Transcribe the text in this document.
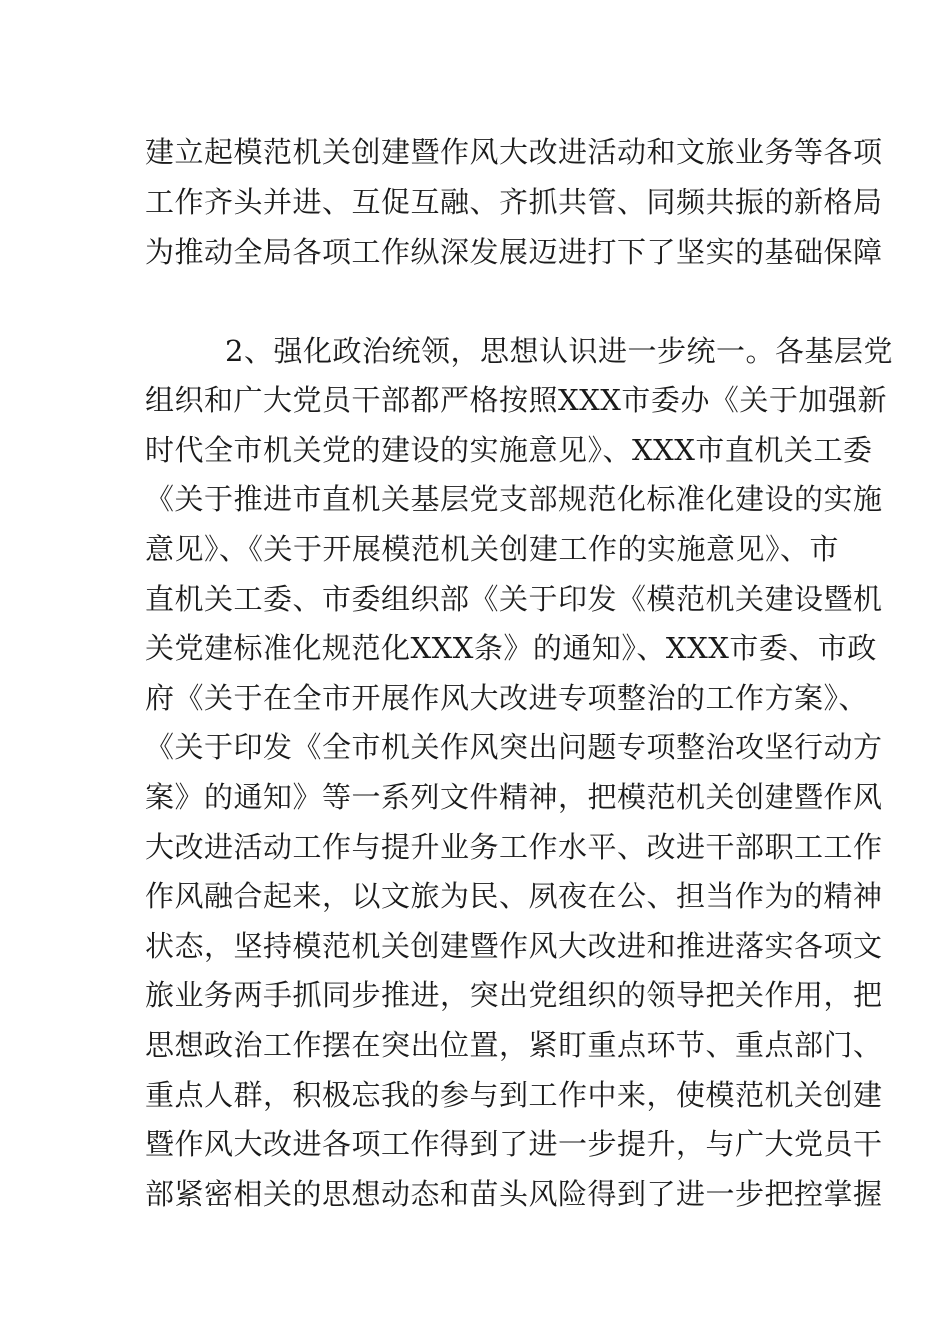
建立起模范机关创建暨作风大改进活动和文旅业务等各项
工作齐头并进、互促互融、齐抓共管、同频共振的新格局
为推动全局各项工作纵深发展迈进打下了坚实的基础保障
2、强化政治统领，思想认识进一步统一。各基层党
组织和广大党员干部都严格按照XXX市委办《关于加强新
时代全市机关党的建设的实施意见》、XXX市直机关工委
《关于推进市直机关基层党支部规范化标准化建设的实施
意见》、《关于开展模范机关创建工作的实施意见》、市
直机关工委、市委组织部《关于印发《模范机关建设暨机
关党建标准化规范化XXX条》的通知》、XXX市委、市政
府《关于在全市开展作风大改进专项整治的工作方案》、
《关于印发《全市机关作风突出问题专项整治攻坚行动方
案》的通知》等一系列文件精神，把模范机关创建暨作风
大改进活动工作与提升业务工作水平、改进干部职工工作
作风融合起来，以文旅为民、夙夜在公、担当作为的精神
状态，坚持模范机关创建暨作风大改进和推进落实各项文
旅业务两手抓同步推进，突出党组织的领导把关作用，把
思想政治工作摆在突出位置，紧盯重点环节、重点部门、
重点人群，积极忘我的参与到工作中来，使模范机关创建
暨作风大改进各项工作得到了进一步提升，与广大党员干
部紧密相关的思想动态和苗头风险得到了进一步把控掌握
